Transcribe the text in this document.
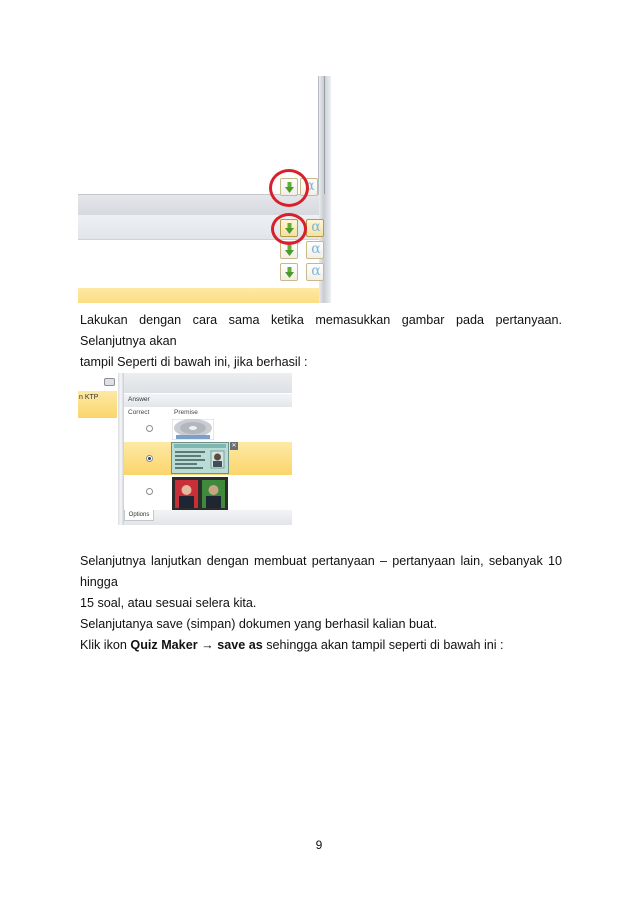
α
α
α
α
Lakukan dengan cara sama ketika memasukkan gambar pada pertanyaan. Selanjutnya akan
tampil Seperti di bawah ini, jika berhasil :
n KTP	Answer
Correct	Premise
✕
Options
Selanjutnya lanjutkan dengan membuat pertanyaan – pertanyaan lain, sebanyak 10 hingga
15 soal, atau sesuai selera kita.
Selanjutanya save (simpan) dokumen yang berhasil kalian buat.
Klik ikon Quiz Maker → save as sehingga akan tampil seperti di bawah ini :
9
